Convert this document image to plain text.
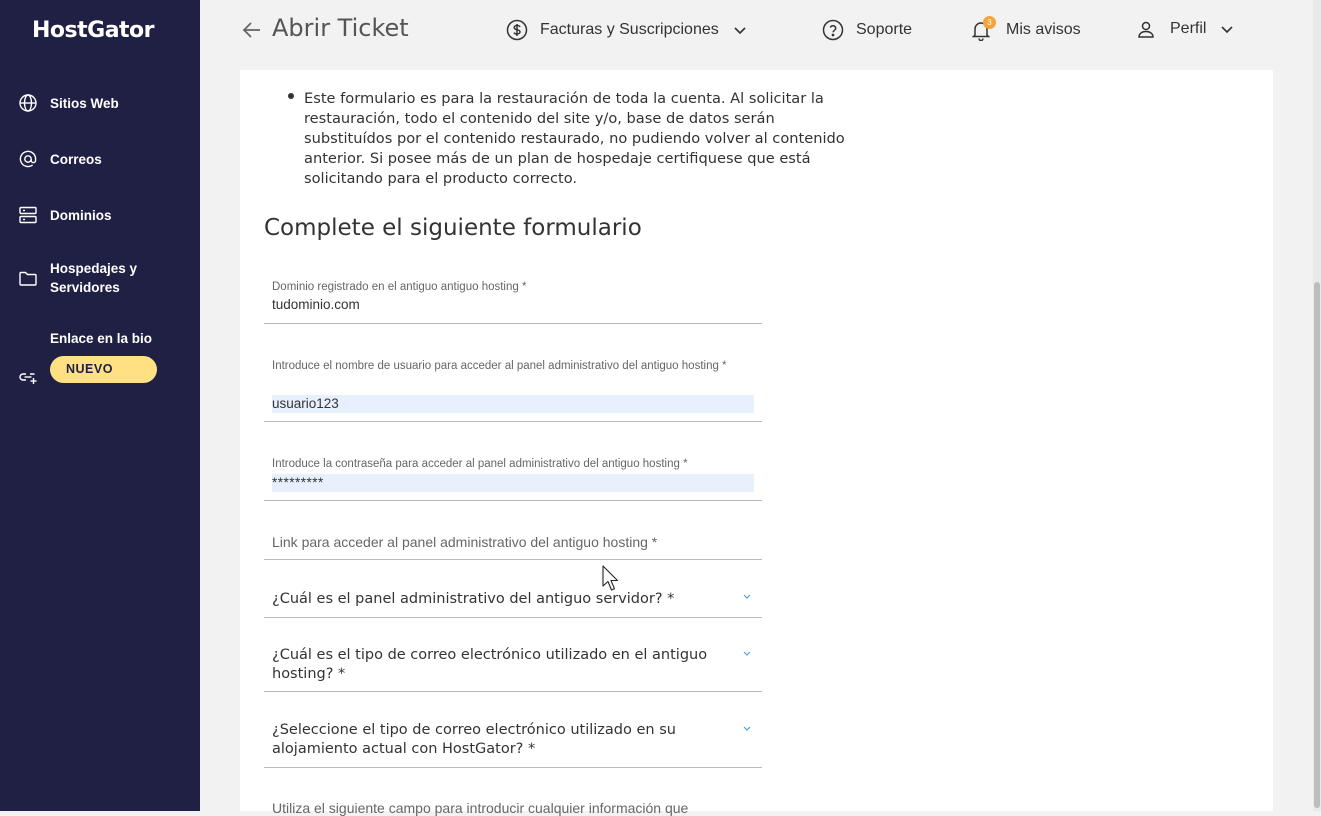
HostGator
Sitios Web
Correos
Dominios
Hospedajes y Servidores
Enlace en la bio
NUEVO
Abrir Ticket	Facturas y Suscripciones	Soporte	Mis avisos
3	Perfil

Este formulario es para la restauración de toda la cuenta. Al solicitar la restauración, todo el contenido del site y/o, base de datos serán substituídos por el contenido restaurado, no pudiendo volver al contenido anterior. Si posee más de un plan de hospedaje certifiquese que está solicitando para el producto correcto.

Complete el siguiente formulario
Dominio registrado en el antiguo antiguo hosting *
tudominio.com
Introduce el nombre de usuario para acceder al panel administrativo del antiguo hosting *
usuario123
Introduce la contraseña para acceder al panel administrativo del antiguo hosting *
*********
Link para acceder al panel administrativo del antiguo hosting *
¿Cuál es el panel administrativo del antiguo servidor? *
¿Cuál es el tipo de correo electrónico utilizado en el antiguo hosting? *
¿Seleccione el tipo de correo electrónico utilizado en su alojamiento actual con HostGator? *
Utiliza el siguiente campo para introducir cualquier información que
